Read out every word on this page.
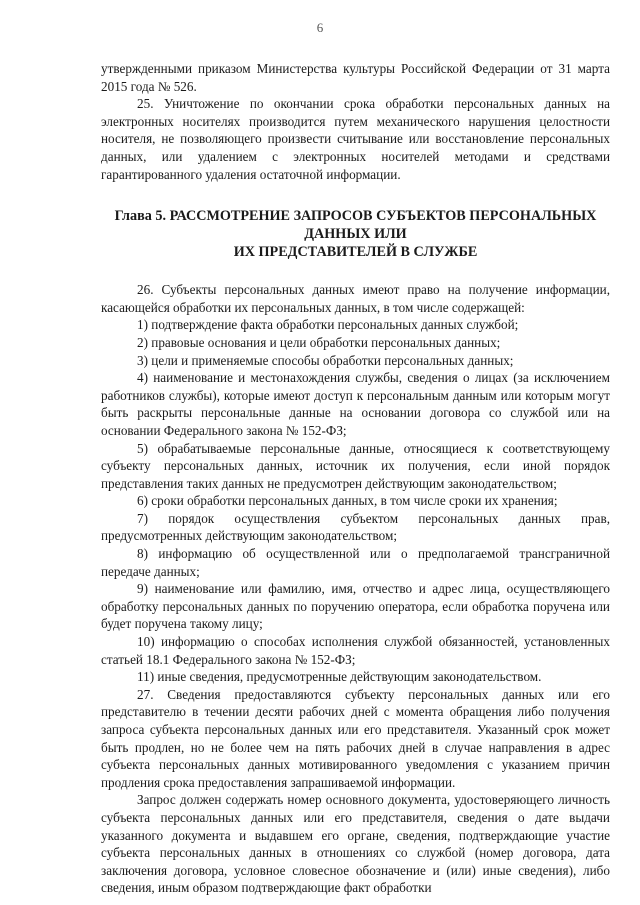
6

утвержденными приказом Министерства культуры Российской Федерации от 31 марта 2015 года № 526.

25. Уничтожение по окончании срока обработки персональных данных на электронных носителях производится путем механического нарушения целостности носителя, не позволяющего произвести считывание или восстановление персональных данных, или удалением с электронных носителей методами и средствами гарантированного удаления остаточной информации.

Глава 5. РАССМОТРЕНИЕ ЗАПРОСОВ СУБЪЕКТОВ ПЕРСОНАЛЬНЫХ ДАННЫХ ИЛИ
ИХ ПРЕДСТАВИТЕЛЕЙ В СЛУЖБЕ

26. Субъекты персональных данных имеют право на получение информации, касающейся обработки их персональных данных, в том числе содержащей:

1) подтверждение факта обработки персональных данных службой;

2) правовые основания и цели обработки персональных данных;

3) цели и применяемые способы обработки персональных данных;

4) наименование и местонахождения службы, сведения о лицах (за исключением работников службы), которые имеют доступ к персональным данным или которым могут быть раскрыты персональные данные на основании договора со службой или на основании Федерального закона № 152-ФЗ;

5) обрабатываемые персональные данные, относящиеся к соответствующему субъекту персональных данных, источник их получения, если иной порядок представления таких данных не предусмотрен действующим законодательством;

6) сроки обработки персональных данных, в том числе сроки их хранения;

7) порядок осуществления субъектом персональных данных прав, предусмотренных действующим законодательством;

8) информацию об осуществленной или о предполагаемой трансграничной передаче данных;

9) наименование или фамилию, имя, отчество и адрес лица, осуществляющего обработку персональных данных по поручению оператора, если обработка поручена или будет поручена такому лицу;

10) информацию о способах исполнения службой обязанностей, установленных статьей 18.1 Федерального закона № 152-ФЗ;

11) иные сведения, предусмотренные действующим законодательством.

27. Сведения предоставляются субъекту персональных данных или его представителю в течении десяти рабочих дней с момента обращения либо получения запроса субъекта персональных данных или его представителя. Указанный срок может быть продлен, но не более чем на пять рабочих дней в случае направления в адрес субъекта персональных данных мотивированного уведомления с указанием причин продления срока предоставления запрашиваемой информации.

Запрос должен содержать номер основного документа, удостоверяющего личность субъекта персональных данных или его представителя, сведения о дате выдачи указанного документа и выдавшем его органе, сведения, подтверждающие участие субъекта персональных данных в отношениях со службой (номер договора, дата заключения договора, условное словесное обозначение и (или) иные сведения), либо сведения, иным образом подтверждающие факт обработки
